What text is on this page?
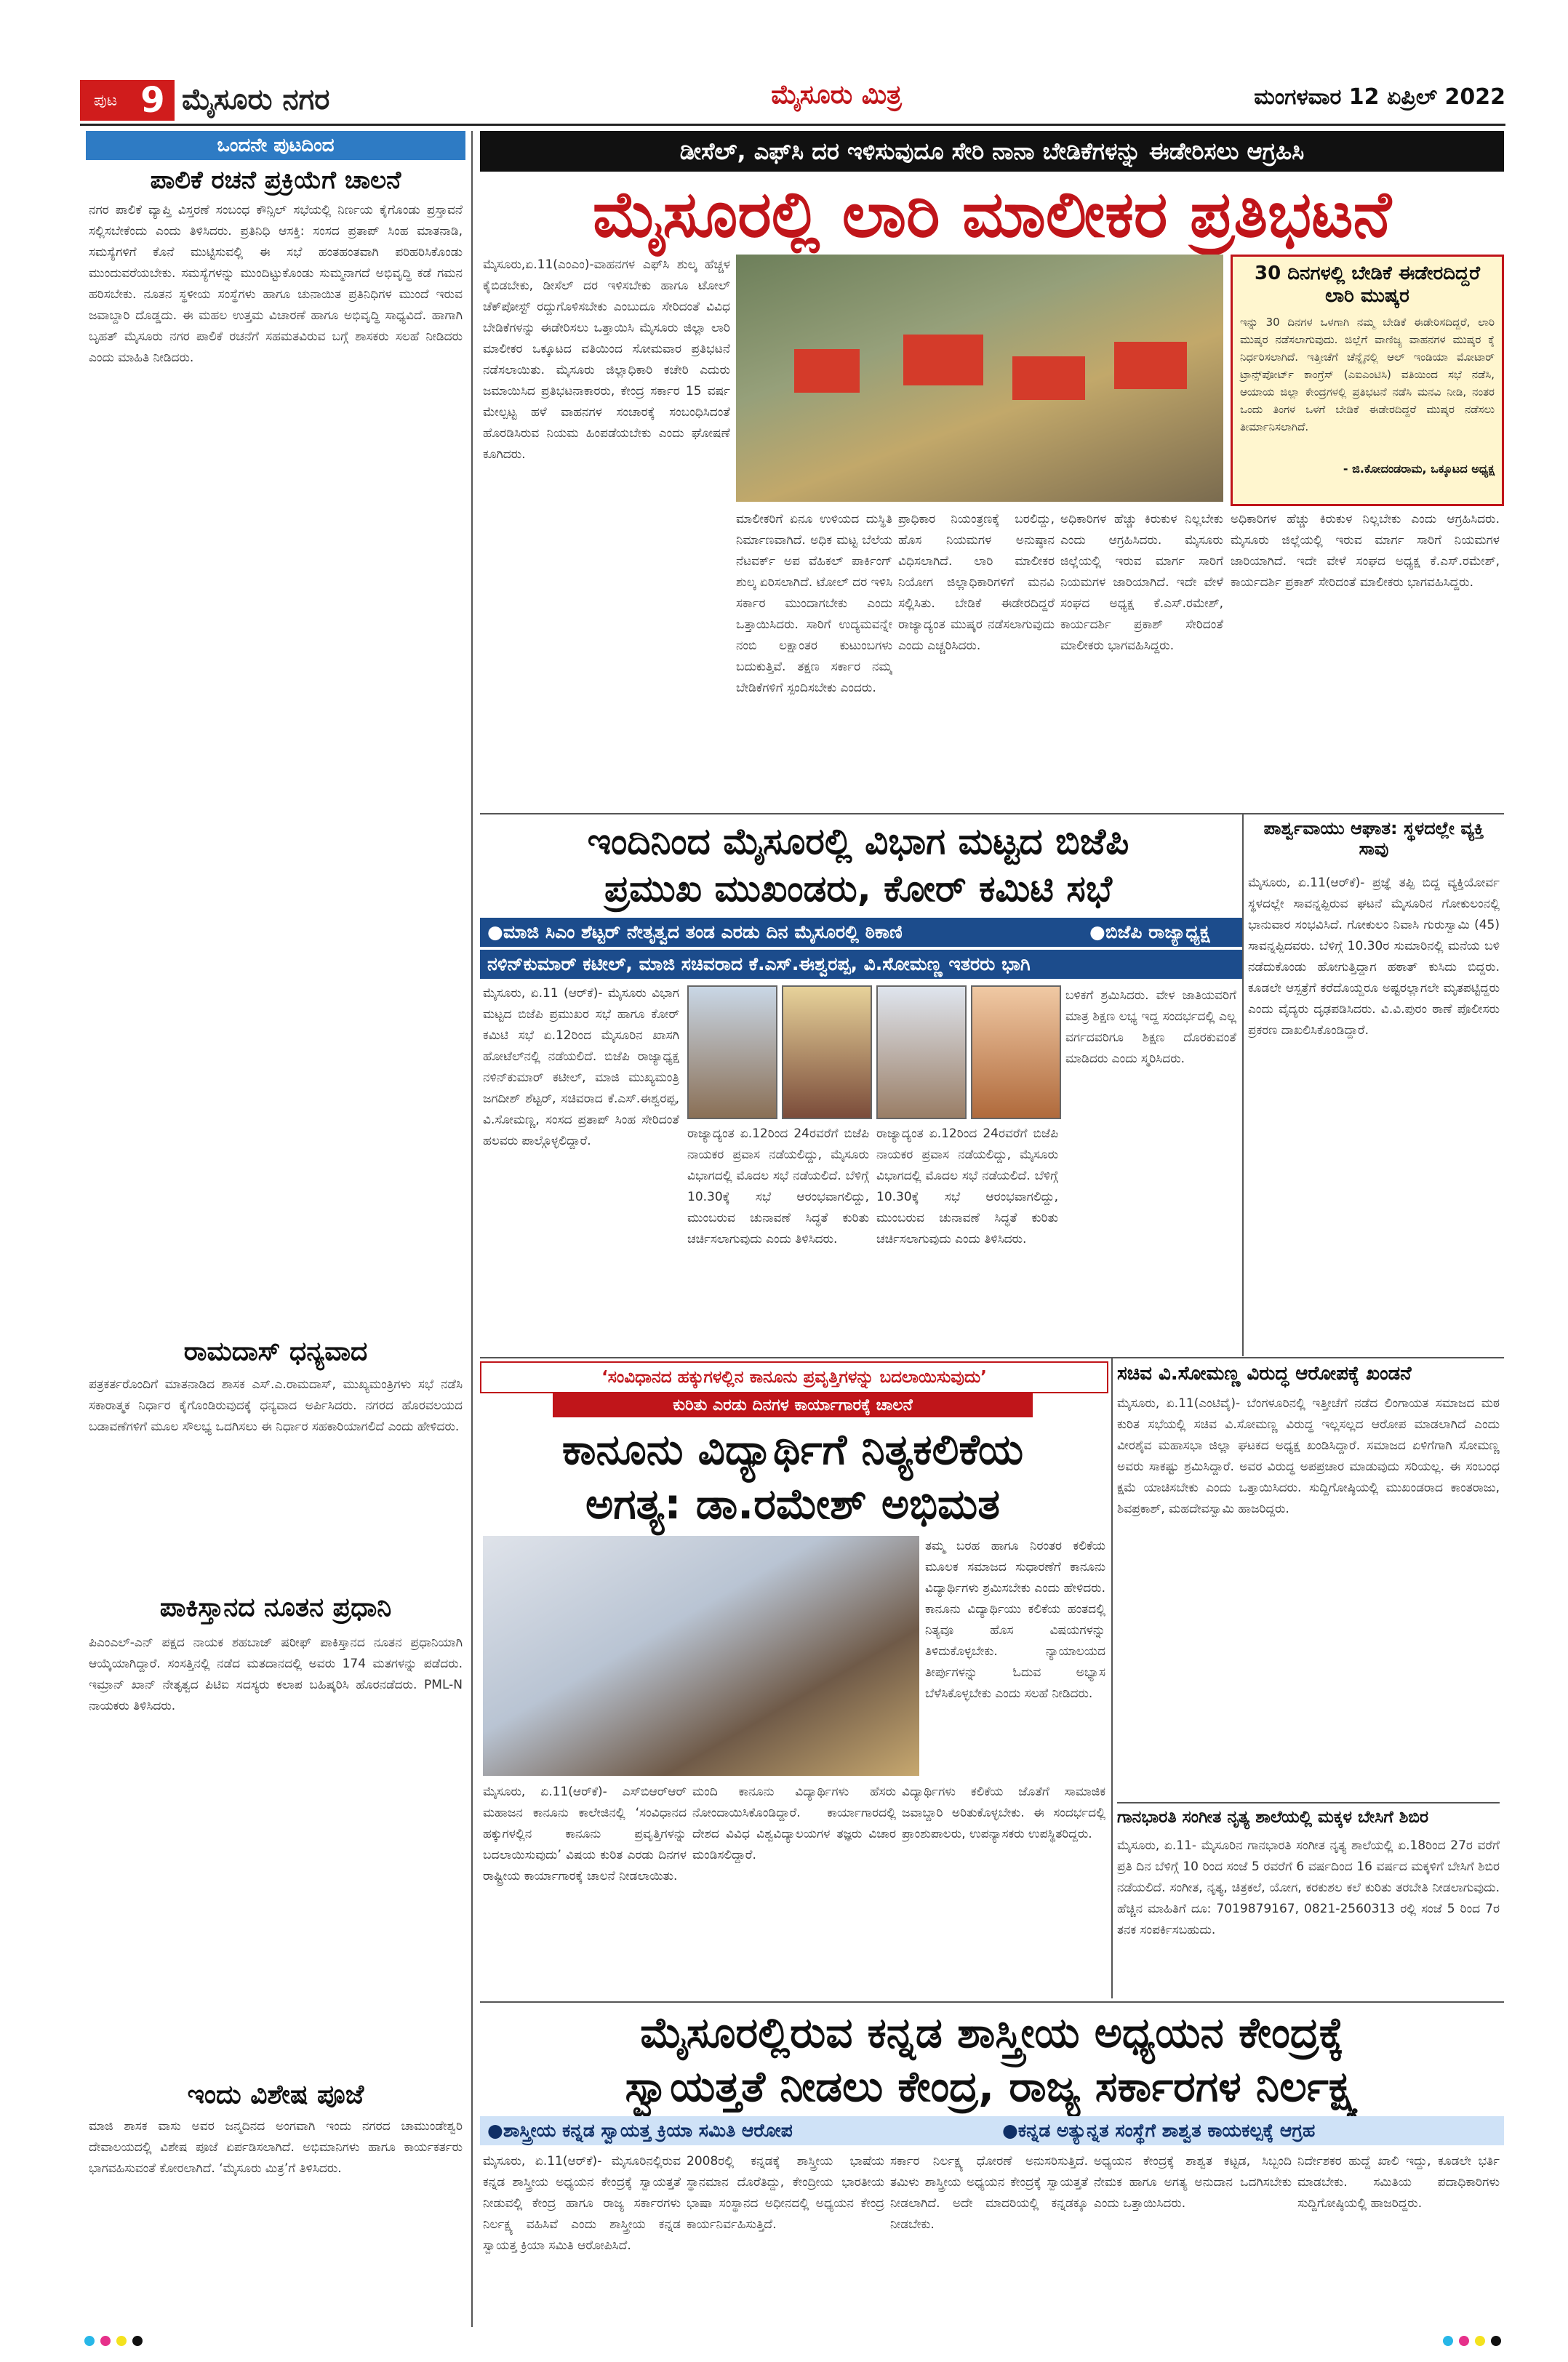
ಪುಟ 9 ಮೈಸೂರು ನಗರ	ಮೈಸೂರು ಮಿತ್ರ	ಮಂಗಳವಾರ 12 ಏಪ್ರಿಲ್ 2022
ಒಂದನೇ ಪುಟದಿಂದ
ಪಾಲಿಕೆ ರಚನೆ ಪ್ರಕ್ರಿಯೆಗೆ ಚಾಲನೆ
ನಗರ ಪಾಲಿಕೆ ವ್ಯಾಪ್ತಿ ವಿಸ್ತರಣೆ ಸಂಬಂಧ ಕೌನ್ಸಿಲ್ ಸಭೆಯಲ್ಲಿ ನಿರ್ಣಯ ಕೈಗೊಂಡು ಪ್ರಸ್ತಾವನೆ ಸಲ್ಲಿಸಬೇಕೆಂದು ಎಂದು ತಿಳಿಸಿದರು. ಪ್ರತಿನಿಧಿ ಆಸಕ್ತಿ: ಸಂಸದ ಪ್ರತಾಪ್ ಸಿಂಹ ಮಾತನಾಡಿ, ಸಮಸ್ಯೆಗಳಿಗೆ ಕೊನೆ ಮುಟ್ಟಿಸುವಲ್ಲಿ ಈ ಸಭೆ ಹಂತಹಂತವಾಗಿ ಪರಿಹರಿಸಿಕೊಂಡು ಮುಂದುವರೆಯಬೇಕು. ಸಮಸ್ಯೆಗಳನ್ನು ಮುಂದಿಟ್ಟುಕೊಂಡು ಸುಮ್ಮನಾಗದೆ ಅಭಿವೃದ್ಧಿ ಕಡೆ ಗಮನ ಹರಿಸಬೇಕು. ನೂತನ ಸ್ಥಳೀಯ ಸಂಸ್ಥೆಗಳು ಹಾಗೂ ಚುನಾಯಿತ ಪ್ರತಿನಿಧಿಗಳ ಮುಂದೆ ಇರುವ ಜವಾಬ್ದಾರಿ ದೊಡ್ಡದು. ಈ ಮಹಲ ಉತ್ತಮ ವಿಚಾರಣೆ ಹಾಗೂ ಅಭಿವೃದ್ಧಿ ಸಾಧ್ಯವಿದೆ. ಹಾಗಾಗಿ ಬೃಹತ್ ಮೈಸೂರು ನಗರ ಪಾಲಿಕೆ ರಚನೆಗೆ ಸಹಮತವಿರುವ ಬಗ್ಗೆ ಶಾಸಕರು ಸಲಹೆ ನೀಡಿದರು ಎಂದು ಮಾಹಿತಿ ನೀಡಿದರು.
ರಾಮದಾಸ್ ಧನ್ಯವಾದ
ಪತ್ರಕರ್ತರೊಂದಿಗೆ ಮಾತನಾಡಿದ ಶಾಸಕ ಎಸ್.ಎ.ರಾಮದಾಸ್, ಮುಖ್ಯಮಂತ್ರಿಗಳು ಸಭೆ ನಡೆಸಿ ಸಕಾರಾತ್ಮಕ ನಿರ್ಧಾರ ಕೈಗೊಂಡಿರುವುದಕ್ಕೆ ಧನ್ಯವಾದ ಅರ್ಪಿಸಿದರು. ನಗರದ ಹೊರವಲಯದ ಬಡಾವಣೆಗಳಿಗೆ ಮೂಲ ಸೌಲಭ್ಯ ಒದಗಿಸಲು ಈ ನಿರ್ಧಾರ ಸಹಕಾರಿಯಾಗಲಿದೆ ಎಂದು ಹೇಳಿದರು.
ಪಾಕಿಸ್ತಾನದ ನೂತನ ಪ್ರಧಾನಿ
ಪಿಎಂಎಲ್-ಎನ್ ಪಕ್ಷದ ನಾಯಕ ಶಹಬಾಜ್ ಷರೀಫ್ ಪಾಕಿಸ್ತಾನದ ನೂತನ ಪ್ರಧಾನಿಯಾಗಿ ಆಯ್ಕೆಯಾಗಿದ್ದಾರೆ. ಸಂಸತ್ತಿನಲ್ಲಿ ನಡೆದ ಮತದಾನದಲ್ಲಿ ಅವರು 174 ಮತಗಳನ್ನು ಪಡೆದರು. ಇಮ್ರಾನ್ ಖಾನ್ ನೇತೃತ್ವದ ಪಿಟಿಐ ಸದಸ್ಯರು ಕಲಾಪ ಬಹಿಷ್ಕರಿಸಿ ಹೊರನಡೆದರು. PML-N ನಾಯಕರು ತಿಳಿಸಿದರು.
ಇಂದು ವಿಶೇಷ ಪೂಜೆ
ಮಾಜಿ ಶಾಸಕ ವಾಸು ಅವರ ಜನ್ಮದಿನದ ಅಂಗವಾಗಿ ಇಂದು ನಗರದ ಚಾಮುಂಡೇಶ್ವರಿ ದೇವಾಲಯದಲ್ಲಿ ವಿಶೇಷ ಪೂಜೆ ಏರ್ಪಡಿಸಲಾಗಿದೆ. ಅಭಿಮಾನಿಗಳು ಹಾಗೂ ಕಾರ್ಯಕರ್ತರು ಭಾಗವಹಿಸುವಂತೆ ಕೋರಲಾಗಿದೆ. ‘ಮೈಸೂರು ಮಿತ್ರ’ಗೆ ತಿಳಿಸಿದರು.
ಡೀಸೆಲ್, ಎಫ್‌ಸಿ ದರ ಇಳಿಸುವುದೂ ಸೇರಿ ನಾನಾ ಬೇಡಿಕೆಗಳನ್ನು ಈಡೇರಿಸಲು ಆಗ್ರಹಿಸಿ
ಮೈಸೂರಲ್ಲಿ ಲಾರಿ ಮಾಲೀಕರ ಪ್ರತಿಭಟನೆ
ಮೈಸೂರು,ಏ.11(ಎಂಎಂ)-ವಾಹನಗಳ ಎಫ್‌ಸಿ ಶುಲ್ಕ ಹೆಚ್ಚಳ ಕೈಬಿಡಬೇಕು, ಡೀಸೆಲ್ ದರ ಇಳಿಸಬೇಕು ಹಾಗೂ ಟೋಲ್ ಚೆಕ್‌ಪೋಸ್ಟ್ ರದ್ದುಗೊಳಿಸಬೇಕು ಎಂಬುದೂ ಸೇರಿದಂತೆ ವಿವಿಧ ಬೇಡಿಕೆಗಳನ್ನು ಈಡೇರಿಸಲು ಒತ್ತಾಯಿಸಿ ಮೈಸೂರು ಜಿಲ್ಲಾ ಲಾರಿ ಮಾಲೀಕರ ಒಕ್ಕೂಟದ ವತಿಯಿಂದ ಸೋಮವಾರ ಪ್ರತಿಭಟನೆ ನಡೆಸಲಾಯಿತು. ಮೈಸೂರು ಜಿಲ್ಲಾಧಿಕಾರಿ ಕಚೇರಿ ಎದುರು ಜಮಾಯಿಸಿದ ಪ್ರತಿಭಟನಾಕಾರರು, ಕೇಂದ್ರ ಸರ್ಕಾರ 15 ವರ್ಷ ಮೇಲ್ಪಟ್ಟ ಹಳೆ ವಾಹನಗಳ ಸಂಚಾರಕ್ಕೆ ಸಂಬಂಧಿಸಿದಂತೆ ಹೊರಡಿಸಿರುವ ನಿಯಮ ಹಿಂಪಡೆಯಬೇಕು ಎಂದು ಘೋಷಣೆ ಕೂಗಿದರು.
ಮಾಲೀಕರಿಗೆ ಏನೂ ಉಳಿಯದ ದುಸ್ಥಿತಿ ನಿರ್ಮಾಣವಾಗಿದೆ. ಅಧಿಕ ಮಟ್ಟ ಬೆಲೆಯ ನೆಟವರ್ಕ್ ಅಪ ವೆಹಿಕಲ್ ಪಾರ್ಕಿಂಗ್ ಶುಲ್ಕ ಏರಿಸಲಾಗಿದೆ. ಟೋಲ್ ದರ ಇಳಿಸಿ ಸರ್ಕಾರ ಮುಂದಾಗಬೇಕು ಎಂದು ಒತ್ತಾಯಿಸಿದರು. ಸಾರಿಗೆ ಉದ್ಯಮವನ್ನೇ ನಂಬಿ ಲಕ್ಷಾಂತರ ಕುಟುಂಬಗಳು ಬದುಕುತ್ತಿವೆ. ತಕ್ಷಣ ಸರ್ಕಾರ ನಮ್ಮ ಬೇಡಿಕೆಗಳಿಗೆ ಸ್ಪಂದಿಸಬೇಕು ಎಂದರು.
ಪ್ರಾಧಿಕಾರ ನಿಯಂತ್ರಣಕ್ಕೆ ಬರಲಿದ್ದು, ಹೊಸ ನಿಯಮಗಳ ಅನುಷ್ಠಾನ ವಿಧಿಸಲಾಗಿದೆ. ಲಾರಿ ಮಾಲೀಕರ ನಿಯೋಗ ಜಿಲ್ಲಾಧಿಕಾರಿಗಳಿಗೆ ಮನವಿ ಸಲ್ಲಿಸಿತು. ಬೇಡಿಕೆ ಈಡೇರದಿದ್ದರೆ ರಾಜ್ಯಾದ್ಯಂತ ಮುಷ್ಕರ ನಡೆಸಲಾಗುವುದು ಎಂದು ಎಚ್ಚರಿಸಿದರು.
ಅಧಿಕಾರಿಗಳ ಹೆಚ್ಚು ಕಿರುಕುಳ ನಿಲ್ಲಬೇಕು ಎಂದು ಆಗ್ರಹಿಸಿದರು. ಮೈಸೂರು ಜಿಲ್ಲೆಯಲ್ಲಿ ಇರುವ ಮಾರ್ಗ ಸಾರಿಗೆ ನಿಯಮಗಳ ಜಾರಿಯಾಗಿದೆ. ಇದೇ ವೇಳೆ ಸಂಘದ ಅಧ್ಯಕ್ಷ ಕೆ.ಎಸ್.ರಮೇಶ್, ಕಾರ್ಯದರ್ಶಿ ಪ್ರಕಾಶ್ ಸೇರಿದಂತೆ ಮಾಲೀಕರು ಭಾಗವಹಿಸಿದ್ದರು.
30 ದಿನಗಳಲ್ಲಿ ಬೇಡಿಕೆ ಈಡೇರದಿದ್ದರೆ ಲಾರಿ ಮುಷ್ಕರ
ಇನ್ನು 30 ದಿನಗಳ ಒಳಗಾಗಿ ನಮ್ಮ ಬೇಡಿಕೆ ಈಡೇರಿಸದಿದ್ದರೆ, ಲಾರಿ ಮುಷ್ಕರ ನಡೆಸಲಾಗುವುದು. ಜಿಲ್ಲೆಗೆ ವಾಣಿಜ್ಯ ವಾಹನಗಳ ಮುಷ್ಕರ ಕ್ಕೆ ನಿರ್ಧರಿಸಲಾಗಿದೆ. ಇತ್ತೀಚೆಗೆ ಚೆನ್ನೈನಲ್ಲಿ ಆಲ್ ಇಂಡಿಯಾ ಮೋಟಾರ್ ಟ್ರಾನ್ಸ್‌ಪೋರ್ಟ್ ಕಾಂಗ್ರೆಸ್ (ಎಐಎಂಟಿಸಿ) ವತಿಯಿಂದ ಸಭೆ ನಡೆಸಿ, ಆಯಾಯ ಜಿಲ್ಲಾ ಕೇಂದ್ರಗಳಲ್ಲಿ ಪ್ರತಿಭಟನೆ ನಡೆಸಿ ಮನವಿ ನೀಡಿ, ನಂತರ ಒಂದು ತಿಂಗಳ ಒಳಗೆ ಬೇಡಿಕೆ ಈಡೇರದಿದ್ದರೆ ಮುಷ್ಕರ ನಡೆಸಲು ತೀರ್ಮಾನಿಸಲಾಗಿದೆ.
- ಜಿ.ಕೋದಂಡರಾಮ, ಒಕ್ಕೂಟದ ಅಧ್ಯಕ್ಷ
ಅಧಿಕಾರಿಗಳ ಹೆಚ್ಚು ಕಿರುಕುಳ ನಿಲ್ಲಬೇಕು ಎಂದು ಆಗ್ರಹಿಸಿದರು. ಮೈಸೂರು ಜಿಲ್ಲೆಯಲ್ಲಿ ಇರುವ ಮಾರ್ಗ ಸಾರಿಗೆ ನಿಯಮಗಳ ಜಾರಿಯಾಗಿದೆ. ಇದೇ ವೇಳೆ ಸಂಘದ ಅಧ್ಯಕ್ಷ ಕೆ.ಎಸ್.ರಮೇಶ್, ಕಾರ್ಯದರ್ಶಿ ಪ್ರಕಾಶ್ ಸೇರಿದಂತೆ ಮಾಲೀಕರು ಭಾಗವಹಿಸಿದ್ದರು.
ಇಂದಿನಿಂದ ಮೈಸೂರಲ್ಲಿ ವಿಭಾಗ ಮಟ್ಟದ ಬಿಜೆಪಿ
ಪ್ರಮುಖ ಮುಖಂಡರು, ಕೋರ್ ಕಮಿಟಿ ಸಭೆ
●ಮಾಜಿ ಸಿಎಂ ಶೆಟ್ಟರ್ ನೇತೃತ್ವದ ತಂಡ ಎರಡು ದಿನ ಮೈಸೂರಲ್ಲಿ ಠಿಕಾಣಿ	●ಬಿಜೆಪಿ ರಾಜ್ಯಾಧ್ಯಕ್ಷ
ನಳಿನ್‌ಕುಮಾರ್ ಕಟೀಲ್, ಮಾಜಿ ಸಚಿವರಾದ ಕೆ.ಎಸ್.ಈಶ್ವರಪ್ಪ, ವಿ.ಸೋಮಣ್ಣ ಇತರರು ಭಾಗಿ
ಮೈಸೂರು, ಏ.11 (ಆರ್‌ಕೆ)- ಮೈಸೂರು ವಿಭಾಗ ಮಟ್ಟದ ಬಿಜೆಪಿ ಪ್ರಮುಖರ ಸಭೆ ಹಾಗೂ ಕೋರ್ ಕಮಿಟಿ ಸಭೆ ಏ.12ರಿಂದ ಮೈಸೂರಿನ ಖಾಸಗಿ ಹೋಟೆಲ್‌ನಲ್ಲಿ ನಡೆಯಲಿದೆ. ಬಿಜೆಪಿ ರಾಜ್ಯಾಧ್ಯಕ್ಷ ನಳಿನ್‌ಕುಮಾರ್ ಕಟೀಲ್, ಮಾಜಿ ಮುಖ್ಯಮಂತ್ರಿ ಜಗದೀಶ್ ಶೆಟ್ಟರ್, ಸಚಿವರಾದ ಕೆ.ಎಸ್.ಈಶ್ವರಪ್ಪ, ವಿ.ಸೋಮಣ್ಣ, ಸಂಸದ ಪ್ರತಾಪ್ ಸಿಂಹ ಸೇರಿದಂತೆ ಹಲವರು ಪಾಲ್ಗೊಳ್ಳಲಿದ್ದಾರೆ.	ರಾಜ್ಯಾದ್ಯಂತ ಏ.12ರಿಂದ 24ರವರೆಗೆ ಬಿಜೆಪಿ ನಾಯಕರ ಪ್ರವಾಸ ನಡೆಯಲಿದ್ದು, ಮೈಸೂರು ವಿಭಾಗದಲ್ಲಿ ಮೊದಲ ಸಭೆ ನಡೆಯಲಿದೆ. ಬೆಳಿಗ್ಗೆ 10.30ಕ್ಕೆ ಸಭೆ ಆರಂಭವಾಗಲಿದ್ದು, ಮುಂಬರುವ ಚುನಾವಣೆ ಸಿದ್ಧತೆ ಕುರಿತು ಚರ್ಚಿಸಲಾಗುವುದು ಎಂದು ತಿಳಿಸಿದರು.
ರಾಜ್ಯಾದ್ಯಂತ ಏ.12ರಿಂದ 24ರವರೆಗೆ ಬಿಜೆಪಿ ನಾಯಕರ ಪ್ರವಾಸ ನಡೆಯಲಿದ್ದು, ಮೈಸೂರು ವಿಭಾಗದಲ್ಲಿ ಮೊದಲ ಸಭೆ ನಡೆಯಲಿದೆ. ಬೆಳಿಗ್ಗೆ 10.30ಕ್ಕೆ ಸಭೆ ಆರಂಭವಾಗಲಿದ್ದು, ಮುಂಬರುವ ಚುನಾವಣೆ ಸಿದ್ಧತೆ ಕುರಿತು ಚರ್ಚಿಸಲಾಗುವುದು ಎಂದು ತಿಳಿಸಿದರು.
ಬಳಿಕಗೆ ಶ್ರಮಿಸಿದರು. ವೇಳ ಜಾತಿಯವರಿಗೆ ಮಾತ್ರ ಶಿಕ್ಷಣ ಲಭ್ಯ ಇದ್ದ ಸಂದರ್ಭದಲ್ಲಿ ಎಲ್ಲ ವರ್ಗದವರಿಗೂ ಶಿಕ್ಷಣ ದೊರಕುವಂತೆ ಮಾಡಿದರು ಎಂದು ಸ್ಮರಿಸಿದರು.
ಪಾರ್ಶ್ವವಾಯು ಆಘಾತ: ಸ್ಥಳದಲ್ಲೇ ವ್ಯಕ್ತಿ ಸಾವು
ಮೈಸೂರು, ಏ.11(ಆರ್‌ಕೆ)- ಪ್ರಜ್ಞೆ ತಪ್ಪಿ ಬಿದ್ದ ವ್ಯಕ್ತಿಯೋರ್ವ ಸ್ಥಳದಲ್ಲೇ ಸಾವನ್ನಪ್ಪಿರುವ ಘಟನೆ ಮೈಸೂರಿನ ಗೋಕುಲಂನಲ್ಲಿ ಭಾನುವಾರ ಸಂಭವಿಸಿದೆ. ಗೋಕುಲಂ ನಿವಾಸಿ ಗುರುಸ್ವಾಮಿ (45) ಸಾವನ್ನಪ್ಪಿದವರು. ಬೆಳಿಗ್ಗೆ 10.30ರ ಸುಮಾರಿನಲ್ಲಿ ಮನೆಯ ಬಳಿ ನಡೆದುಕೊಂಡು ಹೋಗುತ್ತಿದ್ದಾಗ ಹಠಾತ್ ಕುಸಿದು ಬಿದ್ದರು. ಕೂಡಲೇ ಆಸ್ಪತ್ರೆಗೆ ಕರೆದೊಯ್ದರೂ ಅಷ್ಟರಲ್ಲಾಗಲೇ ಮೃತಪಟ್ಟಿದ್ದರು ಎಂದು ವೈದ್ಯರು ದೃಢಪಡಿಸಿದರು. ವಿ.ವಿ.ಪುರಂ ಠಾಣೆ ಪೊಲೀಸರು ಪ್ರಕರಣ ದಾಖಲಿಸಿಕೊಂಡಿದ್ದಾರೆ.
‘ಸಂವಿಧಾನದ ಹಕ್ಕುಗಳಲ್ಲಿನ ಕಾನೂನು ಪ್ರವೃತ್ತಿಗಳನ್ನು ಬದಲಾಯಿಸುವುದು’
ಕುರಿತು ಎರಡು ದಿನಗಳ ಕಾರ್ಯಾಗಾರಕ್ಕೆ ಚಾಲನೆ
ಕಾನೂನು ವಿದ್ಯಾರ್ಥಿಗೆ ನಿತ್ಯಕಲಿಕೆಯ
ಅಗತ್ಯ: ಡಾ.ರಮೇಶ್ ಅಭಿಮತ
ತಮ್ಮ ಬರಹ ಹಾಗೂ ನಿರಂತರ ಕಲಿಕೆಯ ಮೂಲಕ ಸಮಾಜದ ಸುಧಾರಣೆಗೆ ಕಾನೂನು ವಿದ್ಯಾರ್ಥಿಗಳು ಶ್ರಮಿಸಬೇಕು ಎಂದು ಹೇಳಿದರು. ಕಾನೂನು ವಿದ್ಯಾರ್ಥಿಯು ಕಲಿಕೆಯ ಹಂತದಲ್ಲಿ ನಿತ್ಯವೂ ಹೊಸ ವಿಷಯಗಳನ್ನು ತಿಳಿದುಕೊಳ್ಳಬೇಕು. ನ್ಯಾಯಾಲಯದ ತೀರ್ಪುಗಳನ್ನು ಓದುವ ಅಭ್ಯಾಸ ಬೆಳೆಸಿಕೊಳ್ಳಬೇಕು ಎಂದು ಸಲಹೆ ನೀಡಿದರು.
ಮೈಸೂರು, ಏ.11(ಆರ್‌ಕೆ)- ಎಸ್‌ಬಿಆರ್‌ಆರ್ ಮಹಾಜನ ಕಾನೂನು ಕಾಲೇಜಿನಲ್ಲಿ ‘ಸಂವಿಧಾನದ ಹಕ್ಕುಗಳಲ್ಲಿನ ಕಾನೂನು ಪ್ರವೃತ್ತಿಗಳನ್ನು ಬದಲಾಯಿಸುವುದು’ ವಿಷಯ ಕುರಿತ ಎರಡು ದಿನಗಳ ರಾಷ್ಟ್ರೀಯ ಕಾರ್ಯಾಗಾರಕ್ಕೆ ಚಾಲನೆ ನೀಡಲಾಯಿತು.
ಮಂದಿ ಕಾನೂನು ವಿದ್ಯಾರ್ಥಿಗಳು ಹೆಸರು ನೋಂದಾಯಿಸಿಕೊಂಡಿದ್ದಾರೆ. ಕಾರ್ಯಾಗಾರದಲ್ಲಿ ದೇಶದ ವಿವಿಧ ವಿಶ್ವವಿದ್ಯಾಲಯಗಳ ತಜ್ಞರು ವಿಚಾರ ಮಂಡಿಸಲಿದ್ದಾರೆ.
ವಿದ್ಯಾರ್ಥಿಗಳು ಕಲಿಕೆಯ ಜೊತೆಗೆ ಸಾಮಾಜಿಕ ಜವಾಬ್ದಾರಿ ಅರಿತುಕೊಳ್ಳಬೇಕು. ಈ ಸಂದರ್ಭದಲ್ಲಿ ಪ್ರಾಂಶುಪಾಲರು, ಉಪನ್ಯಾಸಕರು ಉಪಸ್ಥಿತರಿದ್ದರು.
ಸಚಿವ ವಿ.ಸೋಮಣ್ಣ ವಿರುದ್ಧ ಆರೋಪಕ್ಕೆ ಖಂಡನೆ
ಮೈಸೂರು, ಏ.11(ಎಂಟಿವೈ)- ಬೆಂಗಳೂರಿನಲ್ಲಿ ಇತ್ತೀಚೆಗೆ ನಡೆದ ಲಿಂಗಾಯತ ಸಮಾಜದ ಮಠ ಕುರಿತ ಸಭೆಯಲ್ಲಿ ಸಚಿವ ವಿ.ಸೋಮಣ್ಣ ವಿರುದ್ಧ ಇಲ್ಲಸಲ್ಲದ ಆರೋಪ ಮಾಡಲಾಗಿದೆ ಎಂದು ವೀರಶೈವ ಮಹಾಸಭಾ ಜಿಲ್ಲಾ ಘಟಕದ ಅಧ್ಯಕ್ಷ ಖಂಡಿಸಿದ್ದಾರೆ. ಸಮಾಜದ ಏಳಿಗೆಗಾಗಿ ಸೋಮಣ್ಣ ಅವರು ಸಾಕಷ್ಟು ಶ್ರಮಿಸಿದ್ದಾರೆ. ಅವರ ವಿರುದ್ಧ ಅಪಪ್ರಚಾರ ಮಾಡುವುದು ಸರಿಯಲ್ಲ. ಈ ಸಂಬಂಧ ಕ್ಷಮೆ ಯಾಚಿಸಬೇಕು ಎಂದು ಒತ್ತಾಯಿಸಿದರು. ಸುದ್ದಿಗೋಷ್ಠಿಯಲ್ಲಿ ಮುಖಂಡರಾದ ಕಾಂತರಾಜು, ಶಿವಪ್ರಕಾಶ್, ಮಹದೇವಸ್ವಾಮಿ ಹಾಜರಿದ್ದರು.
ಗಾನಭಾರತಿ ಸಂಗೀತ ನೃತ್ಯ ಶಾಲೆಯಲ್ಲಿ ಮಕ್ಕಳ ಬೇಸಿಗೆ ಶಿಬಿರ
ಮೈಸೂರು, ಏ.11- ಮೈಸೂರಿನ ಗಾನಭಾರತಿ ಸಂಗೀತ ನೃತ್ಯ ಶಾಲೆಯಲ್ಲಿ ಏ.18ರಿಂದ 27ರ ವರೆಗೆ ಪ್ರತಿ ದಿನ ಬೆಳಿಗ್ಗೆ 10 ರಿಂದ ಸಂಜೆ 5 ರವರೆಗೆ 6 ವರ್ಷದಿಂದ 16 ವರ್ಷದ ಮಕ್ಕಳಿಗೆ ಬೇಸಿಗೆ ಶಿಬಿರ ನಡೆಯಲಿದೆ. ಸಂಗೀತ, ನೃತ್ಯ, ಚಿತ್ರಕಲೆ, ಯೋಗ, ಕರಕುಶಲ ಕಲೆ ಕುರಿತು ತರಬೇತಿ ನೀಡಲಾಗುವುದು. ಹೆಚ್ಚಿನ ಮಾಹಿತಿಗೆ ದೂ: 7019879167, 0821-2560313 ರಲ್ಲಿ ಸಂಜೆ 5 ರಿಂದ 7ರ ತನಕ ಸಂಪರ್ಕಿಸಬಹುದು.
ಮೈಸೂರಲ್ಲಿರುವ ಕನ್ನಡ ಶಾಸ್ತ್ರೀಯ ಅಧ್ಯಯನ ಕೇಂದ್ರಕ್ಕೆ
ಸ್ವಾಯತ್ತತೆ ನೀಡಲು ಕೇಂದ್ರ, ರಾಜ್ಯ ಸರ್ಕಾರಗಳ ನಿರ್ಲಕ್ಷ್ಯ
●ಶಾಸ್ತ್ರೀಯ ಕನ್ನಡ ಸ್ವಾಯತ್ತ ಕ್ರಿಯಾ ಸಮಿತಿ ಆರೋಪ	●ಕನ್ನಡ ಅತ್ಯುನ್ನತ ಸಂಸ್ಥೆಗೆ ಶಾಶ್ವತ ಕಾಯಕಲ್ಪಕ್ಕೆ ಆಗ್ರಹ
ಮೈಸೂರು, ಏ.11(ಆರ್‌ಕೆ)- ಮೈಸೂರಿನಲ್ಲಿರುವ ಕನ್ನಡ ಶಾಸ್ತ್ರೀಯ ಅಧ್ಯಯನ ಕೇಂದ್ರಕ್ಕೆ ಸ್ವಾಯತ್ತತೆ ನೀಡುವಲ್ಲಿ ಕೇಂದ್ರ ಹಾಗೂ ರಾಜ್ಯ ಸರ್ಕಾರಗಳು ನಿರ್ಲಕ್ಷ್ಯ ವಹಿಸಿವೆ ಎಂದು ಶಾಸ್ತ್ರೀಯ ಕನ್ನಡ ಸ್ವಾಯತ್ತ ಕ್ರಿಯಾ ಸಮಿತಿ ಆರೋಪಿಸಿದೆ.
2008ರಲ್ಲಿ ಕನ್ನಡಕ್ಕೆ ಶಾಸ್ತ್ರೀಯ ಭಾಷೆಯ ಸ್ಥಾನಮಾನ ದೊರೆತಿದ್ದು, ಕೇಂದ್ರೀಯ ಭಾರತೀಯ ಭಾಷಾ ಸಂಸ್ಥಾನದ ಅಧೀನದಲ್ಲಿ ಅಧ್ಯಯನ ಕೇಂದ್ರ ಕಾರ್ಯನಿರ್ವಹಿಸುತ್ತಿದೆ.
ಸರ್ಕಾರ ನಿರ್ಲಕ್ಷ್ಯ ಧೋರಣೆ ಅನುಸರಿಸುತ್ತಿದೆ. ತಮಿಳು ಶಾಸ್ತ್ರೀಯ ಅಧ್ಯಯನ ಕೇಂದ್ರಕ್ಕೆ ಸ್ವಾಯತ್ತತೆ ನೀಡಲಾಗಿದೆ. ಅದೇ ಮಾದರಿಯಲ್ಲಿ ಕನ್ನಡಕ್ಕೂ ನೀಡಬೇಕು.
ಅಧ್ಯಯನ ಕೇಂದ್ರಕ್ಕೆ ಶಾಶ್ವತ ಕಟ್ಟಡ, ಸಿಬ್ಬಂದಿ ನೇಮಕ ಹಾಗೂ ಅಗತ್ಯ ಅನುದಾನ ಒದಗಿಸಬೇಕು ಎಂದು ಒತ್ತಾಯಿಸಿದರು.
ನಿರ್ದೇಶಕರ ಹುದ್ದೆ ಖಾಲಿ ಇದ್ದು, ಕೂಡಲೇ ಭರ್ತಿ ಮಾಡಬೇಕು. ಸಮಿತಿಯ ಪದಾಧಿಕಾರಿಗಳು ಸುದ್ದಿಗೋಷ್ಠಿಯಲ್ಲಿ ಹಾಜರಿದ್ದರು.
